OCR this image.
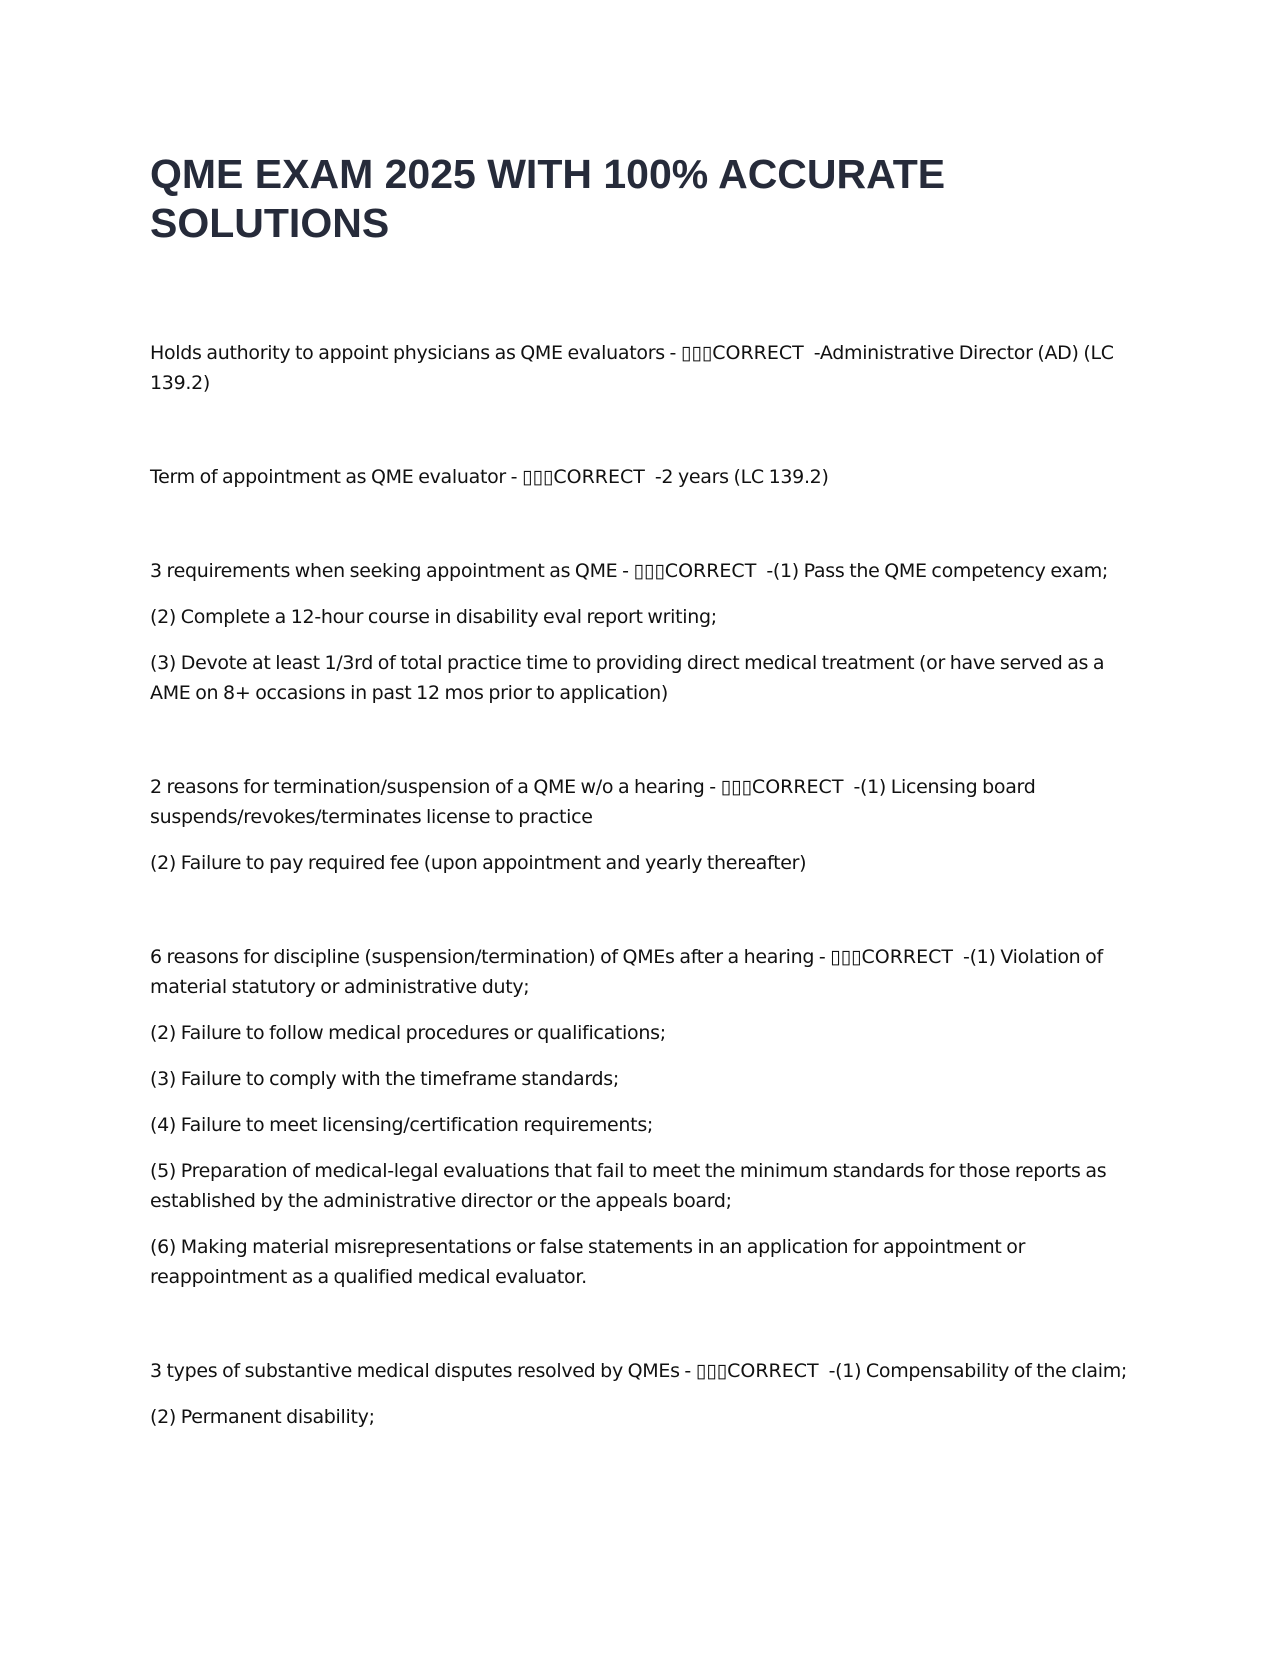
QME EXAM 2025 WITH 100% ACCURATE SOLUTIONS

Holds authority to appoint physicians as QME evaluators - ▯▯▯CORRECT -Administrative Director (AD) (LC 139.2)

Term of appointment as QME evaluator - ▯▯▯CORRECT -2 years (LC 139.2)

3 requirements when seeking appointment as QME - ▯▯▯CORRECT -(1) Pass the QME competency exam;

(2) Complete a 12-hour course in disability eval report writing;

(3) Devote at least 1/3rd of total practice time to providing direct medical treatment (or have served as a AME on 8+ occasions in past 12 mos prior to application)

2 reasons for termination/suspension of a QME w/o a hearing - ▯▯▯CORRECT -(1) Licensing board suspends/revokes/terminates license to practice

(2) Failure to pay required fee (upon appointment and yearly thereafter)

6 reasons for discipline (suspension/termination) of QMEs after a hearing - ▯▯▯CORRECT -(1) Violation of material statutory or administrative duty;

(2) Failure to follow medical procedures or qualifications;

(3) Failure to comply with the timeframe standards;

(4) Failure to meet licensing/certification requirements;

(5) Preparation of medical-legal evaluations that fail to meet the minimum standards for those reports as established by the administrative director or the appeals board;

(6) Making material misrepresentations or false statements in an application for appointment or reappointment as a qualified medical evaluator.

3 types of substantive medical disputes resolved by QMEs - ▯▯▯CORRECT -(1) Compensability of the claim;

(2) Permanent disability;
